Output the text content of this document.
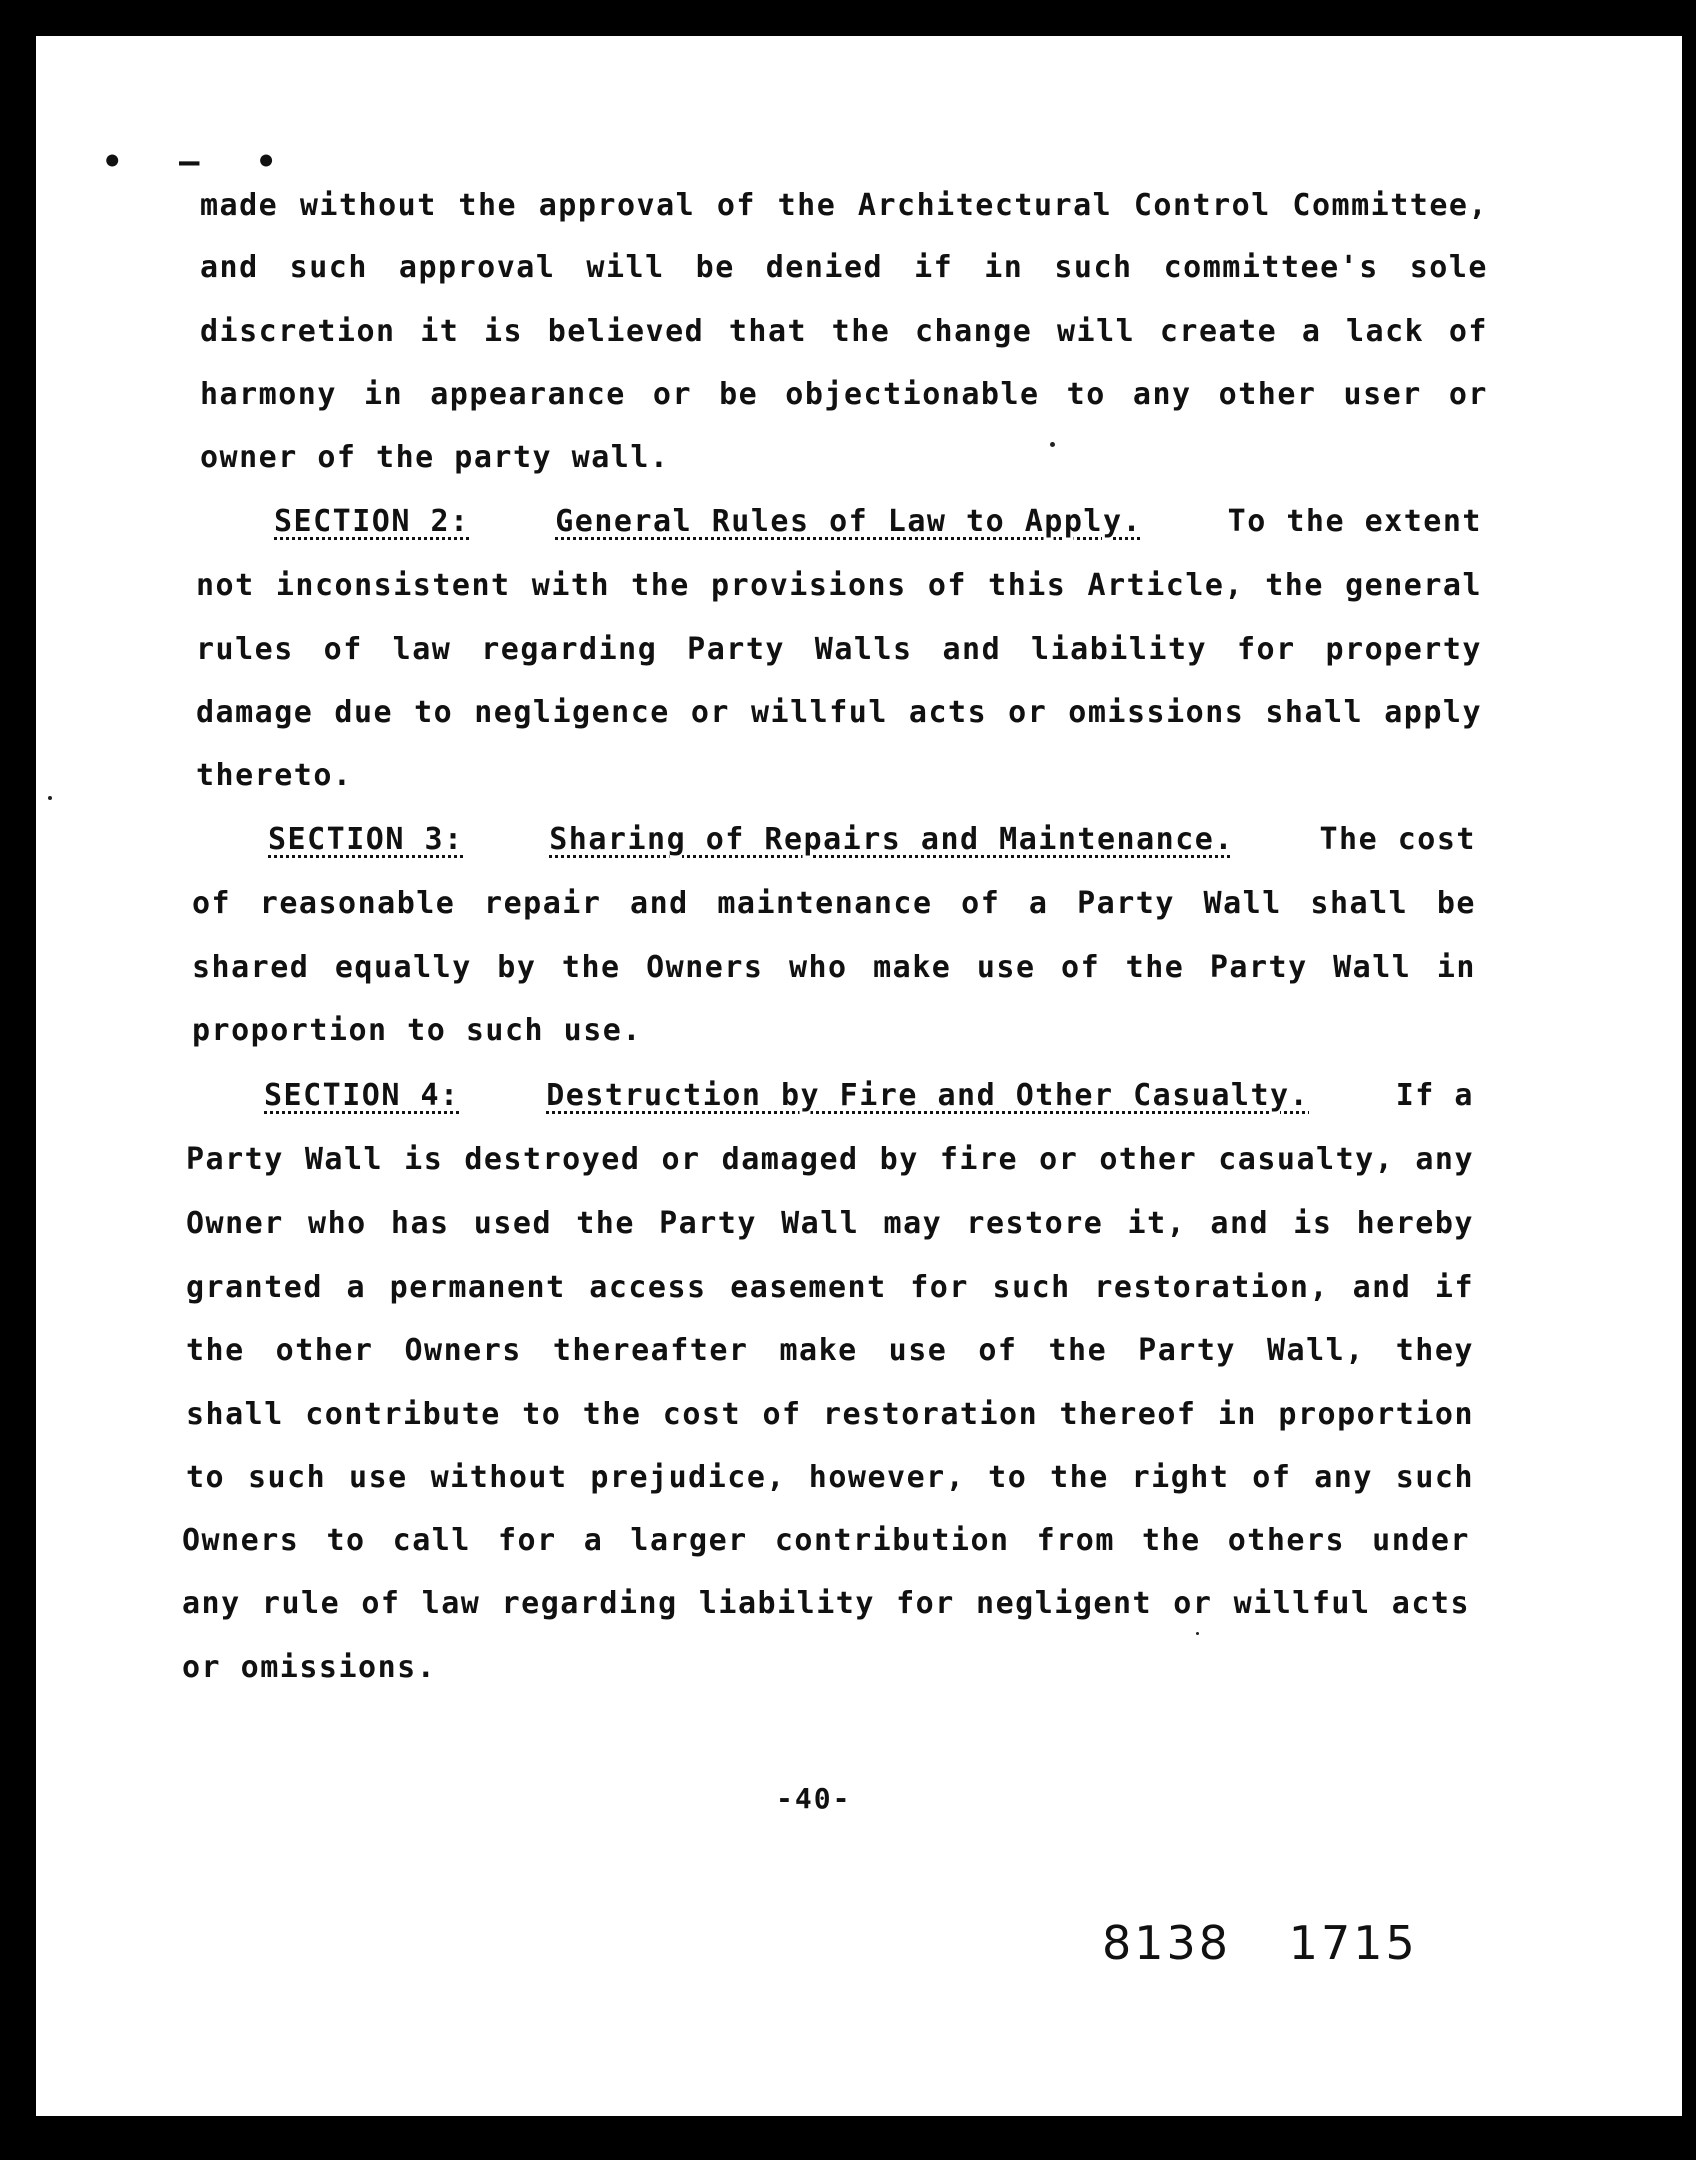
• – •
made without the approval of the Architectural Control Committee,
and such approval will be denied if in such committee's sole
discretion it is believed that the change will create a lack of
harmony in appearance or be objectionable to any other user or
owner of the party wall.
SECTION 2:	General Rules of Law to Apply.	To the extent
not inconsistent with the provisions of this Article, the general
rules of law regarding Party Walls and liability for property
damage due to negligence or willful acts or omissions shall apply
thereto.
SECTION 3:	Sharing of Repairs and Maintenance.	The cost
of reasonable repair and maintenance of a Party Wall shall be
shared equally by the Owners who make use of the Party Wall in
proportion to such use.
SECTION 4:	Destruction by Fire and Other Casualty.	If a
Party Wall is destroyed or damaged by fire or other casualty, any
Owner who has used the Party Wall may restore it, and is hereby
granted a permanent access easement for such restoration, and if
the other Owners thereafter make use of the Party Wall, they
shall contribute to the cost of restoration thereof in proportion
to such use without prejudice, however, to the right of any such
Owners to call for a larger contribution from the others under
any rule of law regarding liability for negligent or willful acts
or omissions.
-40-
8138 1715
